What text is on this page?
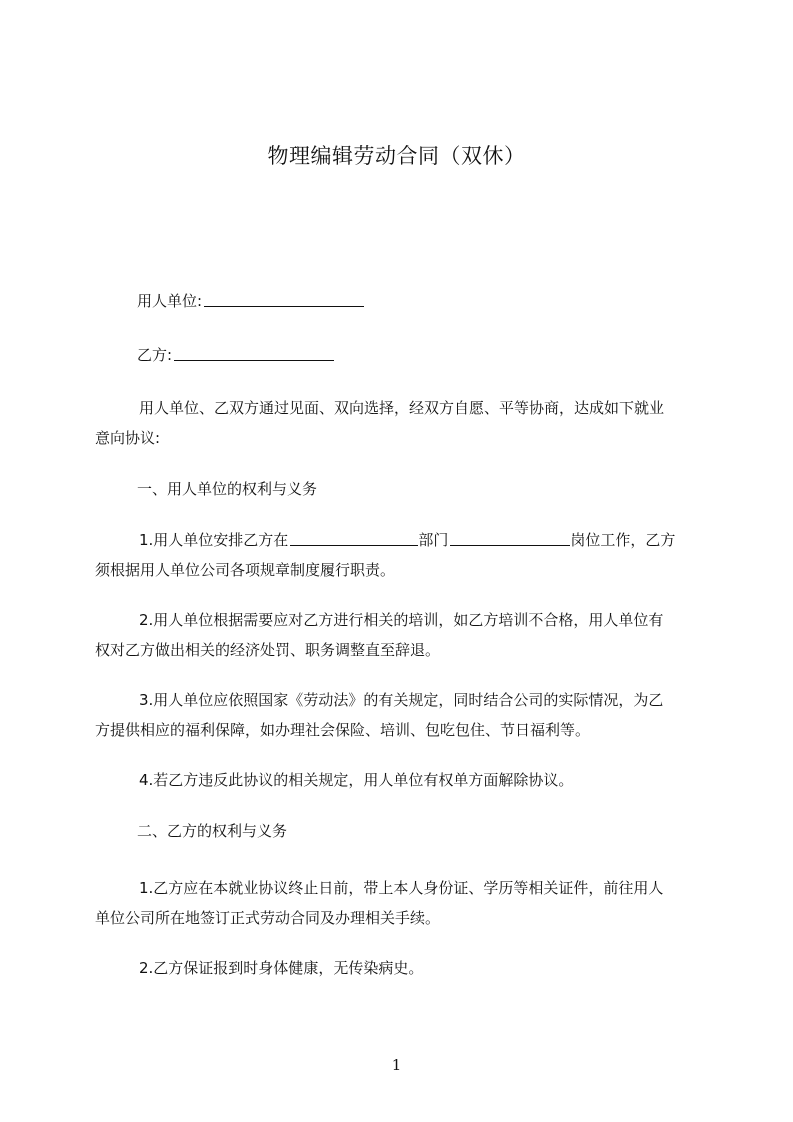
物理编辑劳动合同（双休）
用人单位:
乙方:
用人单位、乙双方通过见面、双向选择，经双方自愿、平等协商，达成如下就业
意向协议:
一、用人单位的权利与义务
1.用人单位安排乙方在	部门	岗位工作，乙方
须根据用人单位公司各项规章制度履行职责。
2.用人单位根据需要应对乙方进行相关的培训，如乙方培训不合格，用人单位有
权对乙方做出相关的经济处罚、职务调整直至辞退。
3.用人单位应依照国家《劳动法》的有关规定，同时结合公司的实际情况，为乙
方提供相应的福利保障，如办理社会保险、培训、包吃包住、节日福利等。
4.若乙方违反此协议的相关规定，用人单位有权单方面解除协议。
二、乙方的权利与义务
1.乙方应在本就业协议终止日前，带上本人身份证、学历等相关证件，前往用人
单位公司所在地签订正式劳动合同及办理相关手续。
2.乙方保证报到时身体健康，无传染病史。
1
